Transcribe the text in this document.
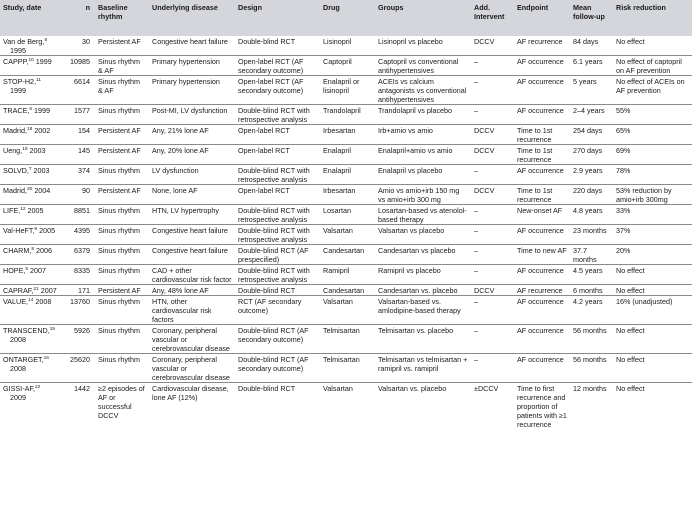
Study, date	n	Baseline rhythm	Underlying disease	Design	Drug	Groups	Add. Intervent	Endpoint	Mean follow-up	Risk reduction
Van de Berg,$^8$ 1995	30	Persistent AF	Congestive heart failure	Double-blind RCT	Lisinopril	Lisinopril vs placebo	DCCV	AF recurrence	84 days	No effect
CAPPP,$^{10}$ 1999	10985	Sinus rhythm & AF	Primary hypertension	Open-label RCT (AF secondary outcome)	Captopril	Captopril vs conventional antihypertensives	–	AF occurrence	6.1 years	No effect of captopril on AF prevention
STOP-H2,11 1999	6614	Sinus rhythm & AF	Primary hypertension	Open-label RCT (AF secondary outcome)	Enalapril or lisinopril	ACEIs vs calcium antagonists vs conventional antihypertensives	–	AF occurrence	5 years	No effect of ACEIs on AF prevention
TRACE,$^6$ 1999	1577	Sinus rhythm	Post-MI, LV dysfunction	Double-blind RCT with retrospective analysis	Trandolapril	Trandolapril vs placebo	–	AF occurrence	2–4 years	55%
Madrid,$^{18}$ 2002	154	Persistent AF	Any, 21% lone AF	Open-label RCT	Irbesartan	Irb+amio vs amio	DCCV	Time to 1st recurrence	254 days	65%
Ueng,$^{19}$ 2003	145	Persistent AF	Any, 20% lone AF	Open-label RCT	Enalapril	Enalapril+amio vs amio	DCCV	Time to 1st recurrence	270 days	69%
SOLVD,$^7$ 2003	374	Sinus rhythm	LV dysfunction	Double-blind RCT with retrospective analysis	Enalapril	Enalapril vs placebo	–	AF occurrence	2.9 years	78%
Madrid,$^{20}$ 2004	90	Persistent AF	None, lone AF	Open-label RCT	Irbesartan	Amio vs amio+irb 150 mg vs amio+irb 300 mg	DCCV	Time to 1st recurrence	220 days	53% reduction by amio+irb 300mg
LIFE,$^{12}$ 2005	8851	Sinus rhythm	HTN, LV hypertrophy	Double-blind RCT with retrospective analysis	Losartan	Losartan-based vs atenolol-based therapy	–	New-onset AF	4.8 years	33%
Val-HeFT,$^9$ 2005	4395	Sinus rhythm	Congestive heart failure	Double-blind RCT with retrospective analysis	Valsartan	Valsartan vs placebo	–	AF occurrence	23 months	37%
CHARM,$^8$ 2006	6379	Sinus rhythm	Congestive heart failure	Double-blind RCT (AF prespecified)	Candesartan	Candesartan vs placebo	–	Time to new AF	37.7 months	20%
HOPE,$^5$ 2007	8335	Sinus rhythm	CAD + other cardiovascular risk factor	Double-blind RCT with retrospective analysis	Ramipril	Ramipril vs placebo	–	AF occurrence	4.5 years	No effect
CAPRAF,$^{21}$ 2007	171	Persistent AF	Any, 48% lone AF	Double-blind RCT	Candesartan	Candesartan vs. placebo	DCCV	AF recurrence	6 months	No effect
VALUE,$^{14}$ 2008	13760	Sinus rhythm	HTN, other cardiovascular risk factors	RCT (AF secondary outcome)	Valsartan	Valsartan-based vs. amlodipine-based therapy	–	AF occurrence	4.2 years	16% (unadjusted)
TRANSCEND,$^{15}$ 2008	5926	Sinus rhythm	Coronary, peripheral vascular or cerebrovascular disease	Double-blind RCT (AF secondary outcome)	Telmisartan	Telmisartan vs. placebo	–	AF occurrence	56 months	No effect
ONTARGET,$^{16}$ 2008	25620	Sinus rhythm	Coronary, peripheral vascular or cerebrovascular disease	Double-blind RCT (AF secondary outcome)	Telmisartan	Telmisartan vs telmisartan + ramipril vs. ramipril	–	AF occurrence	56 months	No effect
GISSI-AF,$^{22}$ 2009	1442	≥2 episodes of AF or successful DCCV	Cardiovascular disease, lone AF (12%)	Double-blind RCT	Valsartan	Valsartan vs. placebo	±DCCV	Time to first recurrence and proportion of patients with ≥1 recurrence	12 months	No effect
